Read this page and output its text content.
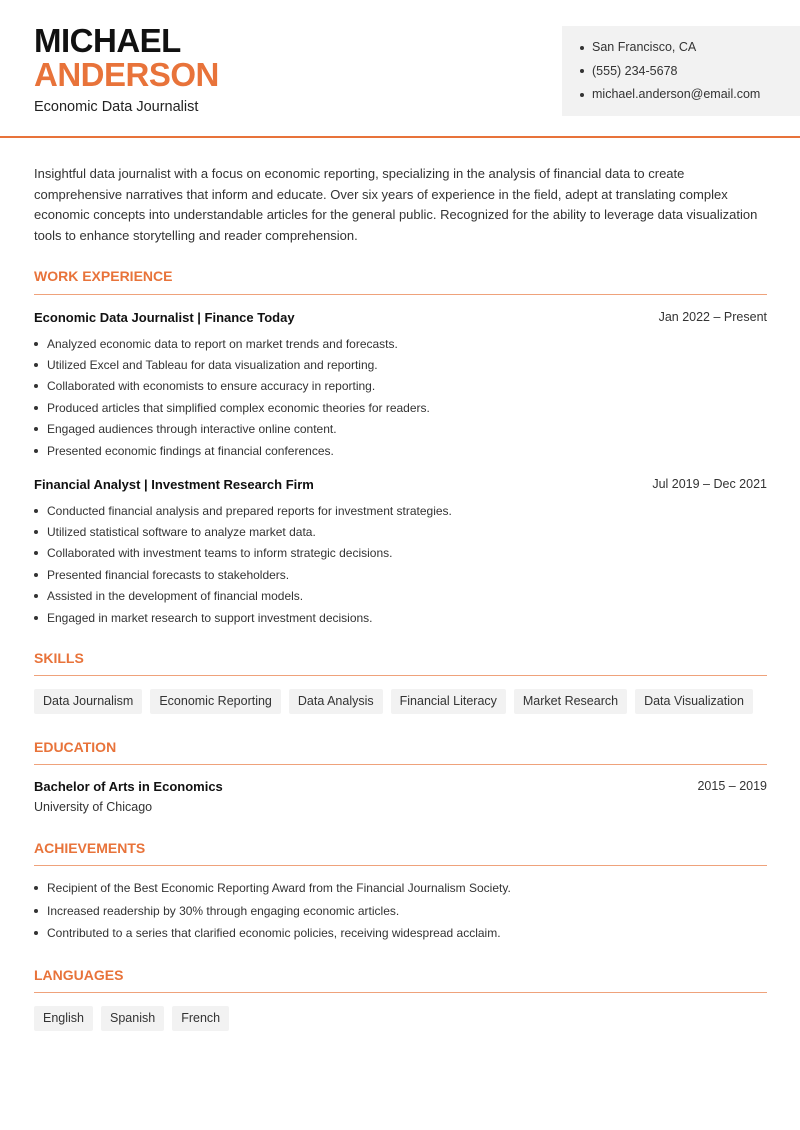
MICHAEL
ANDERSON
Economic Data Journalist
San Francisco, CA
(555) 234-5678
michael.anderson@email.com
Insightful data journalist with a focus on economic reporting, specializing in the analysis of financial data to create comprehensive narratives that inform and educate. Over six years of experience in the field, adept at translating complex economic concepts into understandable articles for the general public. Recognized for the ability to leverage data visualization tools to enhance storytelling and reader comprehension.
WORK EXPERIENCE
Economic Data Journalist | Finance Today	Jan 2022 – Present
Analyzed economic data to report on market trends and forecasts.
Utilized Excel and Tableau for data visualization and reporting.
Collaborated with economists to ensure accuracy in reporting.
Produced articles that simplified complex economic theories for readers.
Engaged audiences through interactive online content.
Presented economic findings at financial conferences.
Financial Analyst | Investment Research Firm	Jul 2019 – Dec 2021
Conducted financial analysis and prepared reports for investment strategies.
Utilized statistical software to analyze market data.
Collaborated with investment teams to inform strategic decisions.
Presented financial forecasts to stakeholders.
Assisted in the development of financial models.
Engaged in market research to support investment decisions.
SKILLS
Data Journalism	Economic Reporting	Data Analysis	Financial Literacy	Market Research	Data Visualization
EDUCATION
Bachelor of Arts in Economics	2015 – 2019
University of Chicago
ACHIEVEMENTS
Recipient of the Best Economic Reporting Award from the Financial Journalism Society.
Increased readership by 30% through engaging economic articles.
Contributed to a series that clarified economic policies, receiving widespread acclaim.
LANGUAGES
English	Spanish	French
